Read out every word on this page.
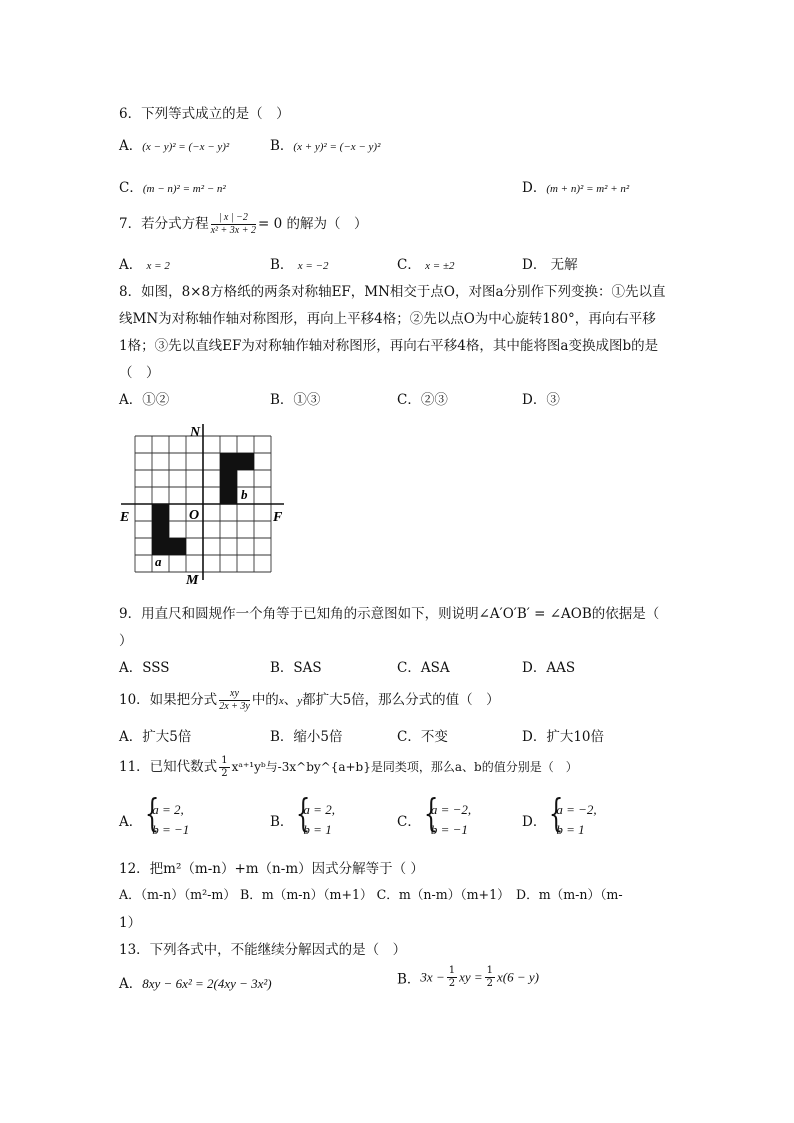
6．下列等式成立的是（　）
A．(x − y)² = (−x − y)²	B．(x + y)² = (−x − y)²
C．(m − n)² = m² − n²	D．(m + n)² = m² + n²
7．若分式方程 $\frac{| x | -2}{\text{x² + 3x + 2}} = 0$ 的解为（　）
A． x = 2	B． x = −2	C． x = ±2	D． 无解
8．如图，8×8方格纸的两条对称轴EF，MN相交于点O，对图a分别作下列变换：①先以直
线MN为对称轴作轴对称图形，再向上平移4格；②先以点O为中心旋转180°，再向右平移
1格；③先以直线EF为对称轴作轴对称图形，再向右平移4格，其中能将图a变换成图b的是
（　）
A．①②	B．①③	C．②③	D．③
N
M
E	F
O
a
b
9．用直尺和圆规作一个角等于已知角的示意图如下，则说明∠A′O′B′ = ∠AOB的依据是（
）
A．SSS	B．SAS	C．ASA	D．AAS
10．如果把分式 $\frac{xy}{2x + 3y}$ 中的x、y都扩大5倍，那么分式的值（　）
A．扩大5倍	B．缩小5倍	C．不变	D．扩大10倍
11．已知代数式 $\frac{1}{2}$ xᵃ⁺¹yᵇ与-3x^by^{a+b}是同类项，那么a、b的值分别是（　）
A．
{ a = 2,
b = −1	B．
{ a = 2,
b = 1	C．
{ a = −2,
b = −1	D．
{ a = −2,
b = 1
12．把m²（m-n）+m（n-m）因式分解等于（ ）
A．（m-n）（m²-m） B．m（m-n）（m+1） C．m（n-m）（m+1）　D．m（m-n）（m-
1）
13．下列各式中，不能继续分解因式的是（　）
A．8xy − 6x² = 2(4xy − 3x²)	B．$3x - \frac{1}{2}$ xy = $\frac{1}{2} x(6 - y)$
